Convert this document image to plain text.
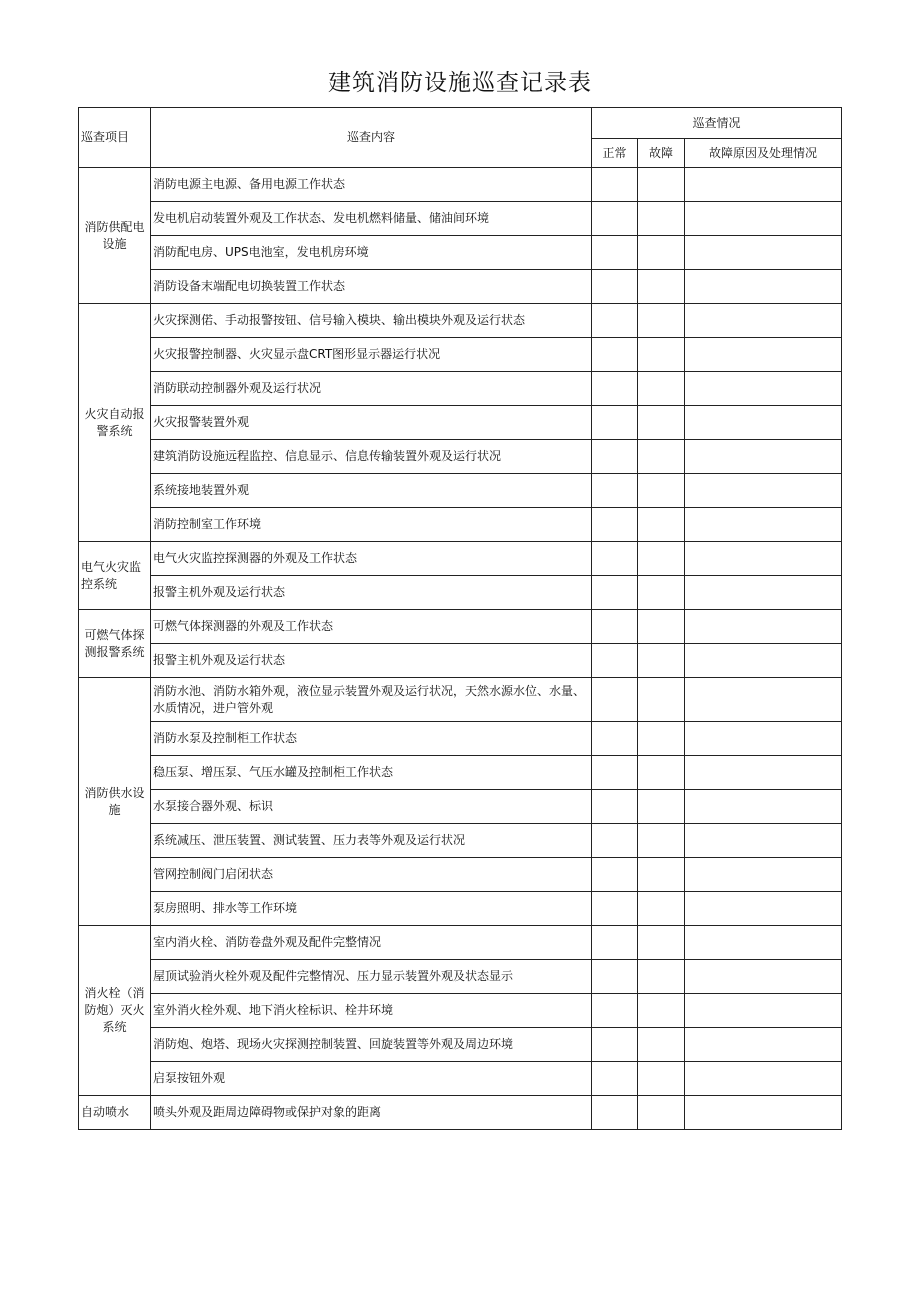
建筑消防设施巡查记录表
巡查项目	巡查内容	巡查情况		
		正常	故障	故障原因及处理情况
消防供配电设施	消防电源主电源、备用电源工作状态			
	发电机启动装置外观及工作状态、发电机燃料储量、储油间环境			
	消防配电房、UPS电池室，发电机房环境			
	消防设备末端配电切换装置工作状态			
火灾自动报警系统	火灾探测偌、手动报警按钮、信号输入模块、输出模块外观及运行状态			
	火灾报警控制器、火灾显示盘CRT图形显示器运行状况			
	消防联动控制器外观及运行状况			
	火灾报警装置外观			
	建筑消防设施远程监控、信息显示、信息传输装置外观及运行状况			
	系统接地装置外观			
	消防控制室工作环境			
电气火灾监控系统	电气火灾监控探测器的外观及工作状态			
	报警主机外观及运行状态			
可燃气体探测报警系统	可燃气体探测器的外观及工作状态			
	报警主机外观及运行状态			
消防供水设施	消防水池、消防水箱外观，液位显示装置外观及运行状况，天然水源水位、水量、水质情况，进户管外观			
	消防水泵及控制柜工作状态			
	稳压泵、增压泵、气压水罐及控制柜工作状态			
	水泵接合器外观、标识			
	系统减压、泄压装置、测试装置、压力表等外观及运行状况			
	管网控制阀门启闭状态			
	泵房照明、排水等工作环境			
消火栓（消防炮）灭火系统	室内消火栓、消防卷盘外观及配件完整情况			
	屋顶试验消火栓外观及配件完整情况、压力显示装置外观及状态显示			
	室外消火栓外观、地下消火栓标识、栓井环境			
	消防炮、炮塔、现场火灾探测控制装置、回旋装置等外观及周边环境			
	启泵按钮外观			
自动喷水	喷头外观及距周边障碍物或保护对象的距离			
